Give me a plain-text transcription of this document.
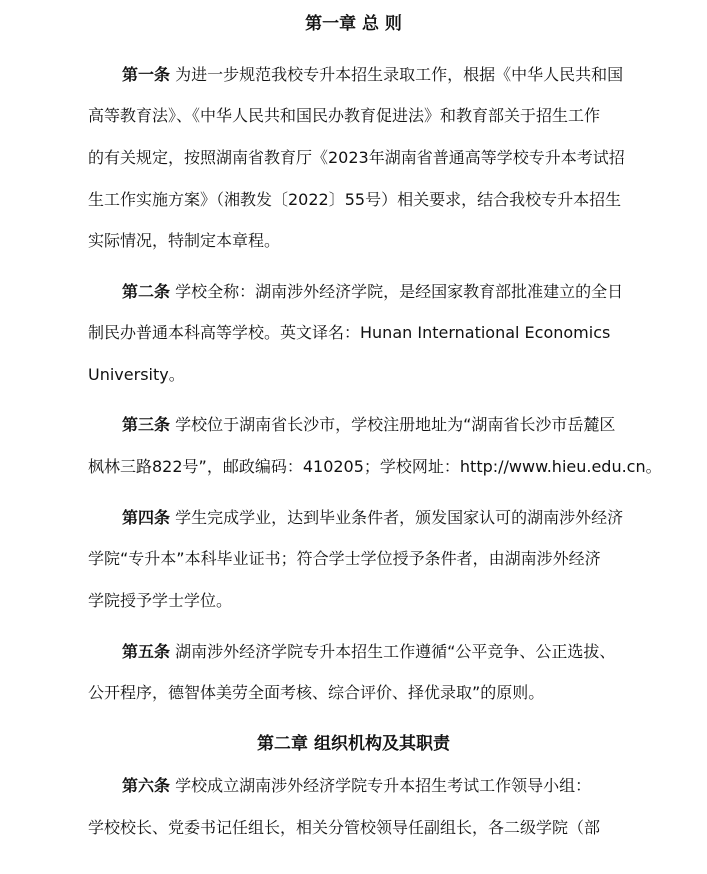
第一章 总 则
第一条 为进一步规范我校专升本招生录取工作，根据《中华人民共和国
高等教育法》、《中华人民共和国民办教育促进法》和教育部关于招生工作
的有关规定，按照湖南省教育厅《2023年湖南省普通高等学校专升本考试招
生工作实施方案》（湘教发〔2022〕55号）相关要求，结合我校专升本招生
实际情况，特制定本章程。
第二条 学校全称：湖南涉外经济学院，是经国家教育部批准建立的全日
制民办普通本科高等学校。英文译名：Hunan International Economics
University。
第三条 学校位于湖南省长沙市，学校注册地址为“湖南省长沙市岳麓区
枫林三路822号”，邮政编码：410205；学校网址：http://www.hieu.edu.cn。
第四条 学生完成学业，达到毕业条件者，颁发国家认可的湖南涉外经济
学院“专升本”本科毕业证书；符合学士学位授予条件者，由湖南涉外经济
学院授予学士学位。
第五条 湖南涉外经济学院专升本招生工作遵循“公平竞争、公正选拔、
公开程序，德智体美劳全面考核、综合评价、择优录取”的原则。
第二章 组织机构及其职责
第六条 学校成立湖南涉外经济学院专升本招生考试工作领导小组：
学校校长、党委书记任组长，相关分管校领导任副组长，各二级学院（部
